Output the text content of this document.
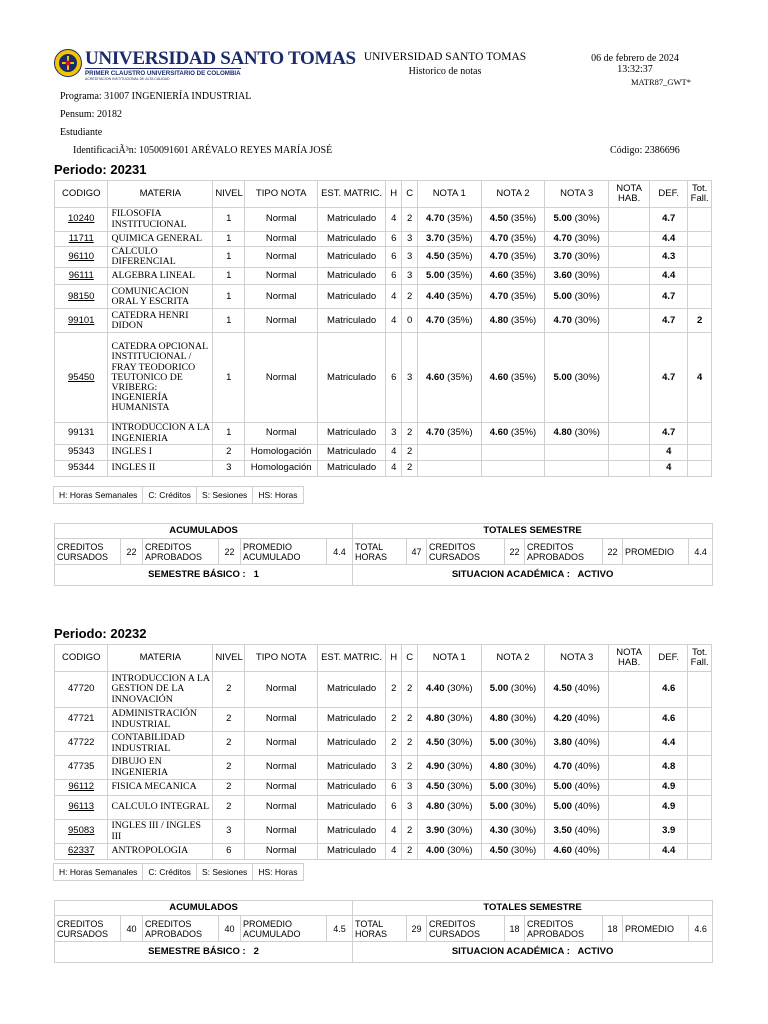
UNIVERSIDAD SANTO TOMAS
PRIMER CLAUSTRO UNIVERSITARIO DE COLOMBIA
ACREDITACION INSTITUCIONAL DE ALTA CALIDAD
UNIVERSIDAD SANTO TOMAS
Historico de notas
06 de febrero de 2024
13:32:37
MATR87_GWT*
Programa: 31007 INGENIERÍA INDUSTRIAL
Pensum: 20182
Estudiante
IdentificaciÃ³n: 1050091601 ARÉVALO REYES MARÍA JOSÉ	Código: 2386696
Periodo: 20231
CODIGO	MATERIA	NIVEL	TIPO NOTA	EST. MATRIC.	H	C	NOTA 1	NOTA 2	NOTA 3	NOTA HAB.	DEF.	Tot. Fall.
10240	FILOSOFIA INSTITUCIONAL	1	Normal	Matriculado	4	2	4.70 (35%)	4.50 (35%)	5.00 (30%)		4.7	
11711	QUIMICA GENERAL	1	Normal	Matriculado	6	3	3.70 (35%)	4.70 (35%)	4.70 (30%)		4.4	
96110	CALCULO DIFERENCIAL	1	Normal	Matriculado	6	3	4.50 (35%)	4.70 (35%)	3.70 (30%)		4.3	
96111	ALGEBRA LINEAL	1	Normal	Matriculado	6	3	5.00 (35%)	4.60 (35%)	3.60 (30%)		4.4	
98150	COMUNICACION ORAL Y ESCRITA	1	Normal	Matriculado	4	2	4.40 (35%)	4.70 (35%)	5.00 (30%)		4.7	
99101	CATEDRA HENRI DIDON	1	Normal	Matriculado	4	0	4.70 (35%)	4.80 (35%)	4.70 (30%)		4.7	2
95450	CATEDRA OPCIONAL INSTITUCIONAL / FRAY TEODORICO TEUTONICO DE VRIBERG: INGENIERÍA HUMANISTA	1	Normal	Matriculado	6	3	4.60 (35%)	4.60 (35%)	5.00 (30%)		4.7	4
99131	INTRODUCCION A LA INGENIERIA	1	Normal	Matriculado	3	2	4.70 (35%)	4.60 (35%)	4.80 (30%)		4.7	
95343	INGLES I	2	Homologación	Matriculado	4	2					4	
95344	INGLES II	3	Homologación	Matriculado	4	2					4	
H: Horas Semanales	C: Créditos	S: Sesiones	HS: Horas
ACUMULADOS						TOTALES SEMESTRE							
CREDITOS CURSADOS	22	CREDITOS APROBADOS	22	PROMEDIO ACUMULADO	4.4	TOTAL HORAS	47	CREDITOS CURSADOS	22	CREDITOS APROBADOS	22	PROMEDIO	4.4
SEMESTRE BÁSICO : 1						SITUACION ACADÉMICA : ACTIVO							
Periodo: 20232
CODIGO	MATERIA	NIVEL	TIPO NOTA	EST. MATRIC.	H	C	NOTA 1	NOTA 2	NOTA 3	NOTA HAB.	DEF.	Tot. Fall.
47720	INTRODUCCION A LA GESTION DE LA INNOVACIÓN	2	Normal	Matriculado	2	2	4.40 (30%)	5.00 (30%)	4.50 (40%)		4.6	
47721	ADMINISTRACIÓN INDUSTRIAL	2	Normal	Matriculado	2	2	4.80 (30%)	4.80 (30%)	4.20 (40%)		4.6	
47722	CONTABILIDAD INDUSTRIAL	2	Normal	Matriculado	2	2	4.50 (30%)	5.00 (30%)	3.80 (40%)		4.4	
47735	DIBUJO EN INGENIERIA	2	Normal	Matriculado	3	2	4.90 (30%)	4.80 (30%)	4.70 (40%)		4.8	
96112	FISICA MECANICA	2	Normal	Matriculado	6	3	4.50 (30%)	5.00 (30%)	5.00 (40%)		4.9	
96113	CALCULO INTEGRAL	2	Normal	Matriculado	6	3	4.80 (30%)	5.00 (30%)	5.00 (40%)		4.9	
95083	INGLES III / INGLES III	3	Normal	Matriculado	4	2	3.90 (30%)	4.30 (30%)	3.50 (40%)		3.9	
62337	ANTROPOLOGIA	6	Normal	Matriculado	4	2	4.00 (30%)	4.50 (30%)	4.60 (40%)		4.4	
H: Horas Semanales	C: Créditos	S: Sesiones	HS: Horas
ACUMULADOS						TOTALES SEMESTRE							
CREDITOS CURSADOS	40	CREDITOS APROBADOS	40	PROMEDIO ACUMULADO	4.5	TOTAL HORAS	29	CREDITOS CURSADOS	18	CREDITOS APROBADOS	18	PROMEDIO	4.6
SEMESTRE BÁSICO : 2						SITUACION ACADÉMICA : ACTIVO							
